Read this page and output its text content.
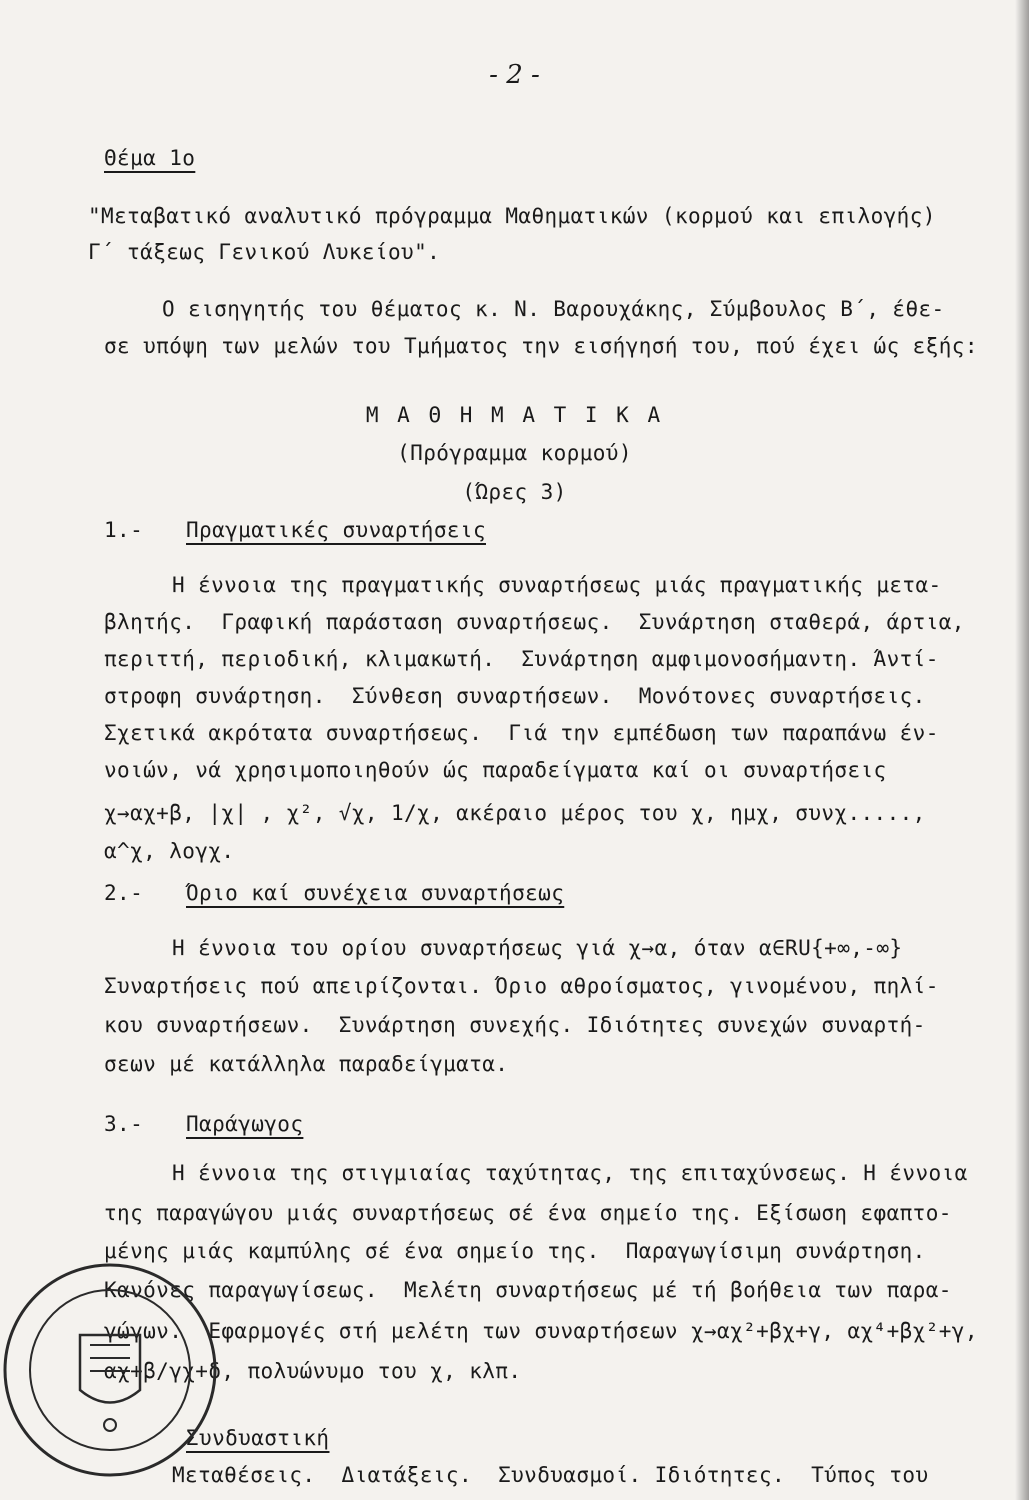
- 2 -
Θέμα 1ο
"Μεταβατικό αναλυτικό πρόγραμμα Μαθηματικών (κορμού και επιλογής)
Γ΄ τάξεως Γενικού Λυκείου".
Ο εισηγητής του θέματος κ. Ν. Βαρουχάκης, Σύμβουλος Β΄, έθε-
σε υπόψη των μελών του Τμήματος την εισήγησή του, πού έχει ώς εξής:
Μ Α Θ Η Μ Α Τ Ι Κ Α
(Πρόγραμμα κορμού)
(Ώρες 3)
1.- Πραγματικές συναρτήσεις
Η έννοια της πραγματικής συναρτήσεως μιάς πραγματικής μετα-
βλητής.  Γραφική παράσταση συναρτήσεως.  Συνάρτηση σταθερά, άρτια,
περιττή, περιοδική, κλιμακωτή.  Συνάρτηση αμφιμονοσήμαντη. Άντί-
στροφη συνάρτηση.  Σύνθεση συναρτήσεων.  Μονότονες συναρτήσεις.
Σχετικά ακρότατα συναρτήσεως.  Γιά την εμπέδωση των παραπάνω έν-
νοιών, νά χρησιμοποιηθούν ώς παραδείγματα καί οι συναρτήσεις
χ→αχ+β, |χ| , χ², √χ, 1/χ, ακέραιο μέρος του χ, ημχ, συνχ.....,
α^χ, λογχ.
2.- Όριο καί συνέχεια συναρτήσεως
Η έννοια του ορίου συναρτήσεως γιά χ→α, όταν α∈RU{+∞,-∞}
Συναρτήσεις πού απειρίζονται. Όριο αθροίσματος, γινομένου, πηλί-
κου συναρτήσεων.  Συνάρτηση συνεχής. Ιδιότητες συνεχών συναρτή-
σεων μέ κατάλληλα παραδείγματα.
3.- Παράγωγος
Η έννοια της στιγμιαίας ταχύτητας, της επιταχύνσεως. Η έννοια
της παραγώγου μιάς συναρτήσεως σέ ένα σημείο της. Εξίσωση εφαπτο-
μένης μιάς καμπύλης σέ ένα σημείο της.  Παραγωγίσιμη συνάρτηση.
Κανόνες παραγωγίσεως.  Μελέτη συναρτήσεως μέ τή βοήθεια των παρα-
γώγων.  Εφαρμογές στή μελέτη των συναρτήσεων χ→αχ²+βχ+γ, αχ⁴+βχ²+γ,
αχ+β/γχ+δ, πολυώνυμο του χ, κλπ.
Συνδυαστική
Μεταθέσεις.  Διατάξεις.  Συνδυασμοί. Ιδιότητες.  Τύπος του
